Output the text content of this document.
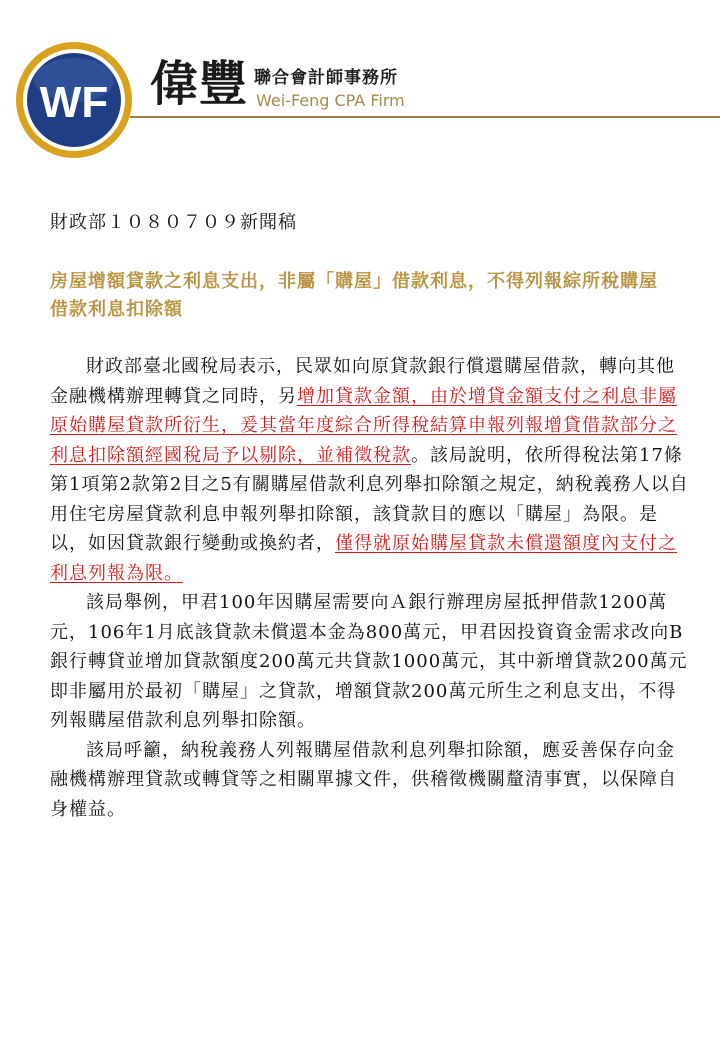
WF 偉豐 聯合會計師事務所
Wei-Feng CPA Firm
財政部１０８０７０９新聞稿
房屋增額貸款之利息支出，非屬「購屋」借款利息，不得列報綜所稅購屋借款利息扣除額

財政部臺北國稅局表示，民眾如向原貸款銀行償還購屋借款，轉向其他金融機構辦理轉貸之同時，另增加貸款金額，由於增貸金額支付之利息非屬原始購屋貸款所衍生，爰其當年度綜合所得稅結算申報列報增貸借款部分之利息扣除額經國稅局予以剔除，並補徵稅款。該局說明，依所得稅法第17條第1項第2款第2目之5有關購屋借款利息列舉扣除額之規定，納稅義務人以自用住宅房屋貸款利息申報列舉扣除額，該貸款目的應以「購屋」為限。是以，如因貸款銀行變動或換約者，僅得就原始購屋貸款未償還額度內支付之利息列報為限。

該局舉例，甲君100年因購屋需要向Ａ銀行辦理房屋抵押借款1200萬元，106年1月底該貸款未償還本金為800萬元，甲君因投資資金需求改向B銀行轉貸並增加貸款額度200萬元共貸款1000萬元，其中新增貸款200萬元即非屬用於最初「購屋」之貸款，增額貸款200萬元所生之利息支出，不得列報購屋借款利息列舉扣除額。

該局呼籲，納稅義務人列報購屋借款利息列舉扣除額，應妥善保存向金融機構辦理貸款或轉貸等之相關單據文件，供稽徵機關釐清事實，以保障自身權益。
